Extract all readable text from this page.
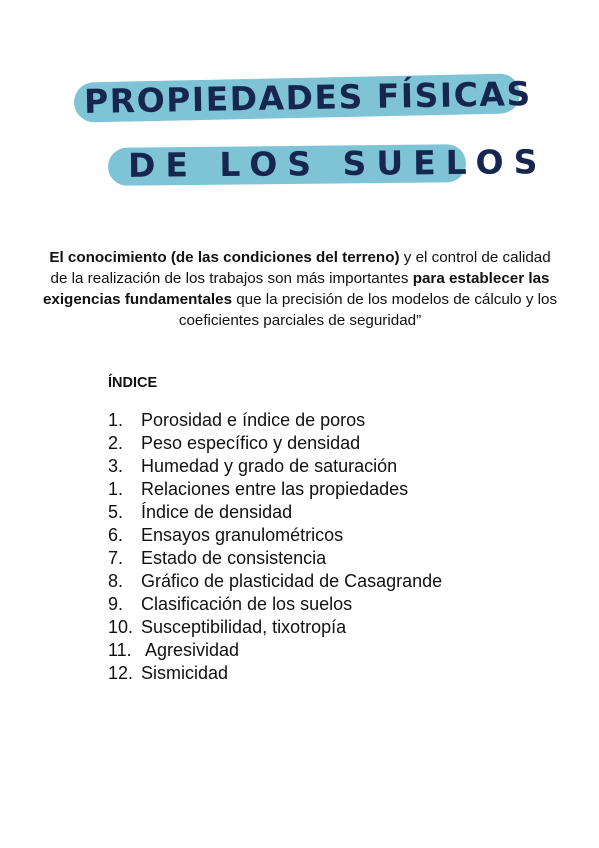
PROPIEDADES FÍSICAS
DE LOS SUELOS

El conocimiento (de las condiciones del terreno) y el control de calidad de la realización de los trabajos son más importantes para establecer las exigencias fundamentales que la precisión de los modelos de cálculo y los coeficientes parciales de seguridad”

ÍNDICE
1. Porosidad e índice de poros
2. Peso específico y densidad
3. Humedad y grado de saturación
1. Relaciones entre las propiedades
5. Índice de densidad
6. Ensayos granulométricos
7. Estado de consistencia
8. Gráfico de plasticidad de Casagrande
9. Clasificación de los suelos
10. Susceptibilidad, tixotropía
11. Agresividad
12. Sismicidad
